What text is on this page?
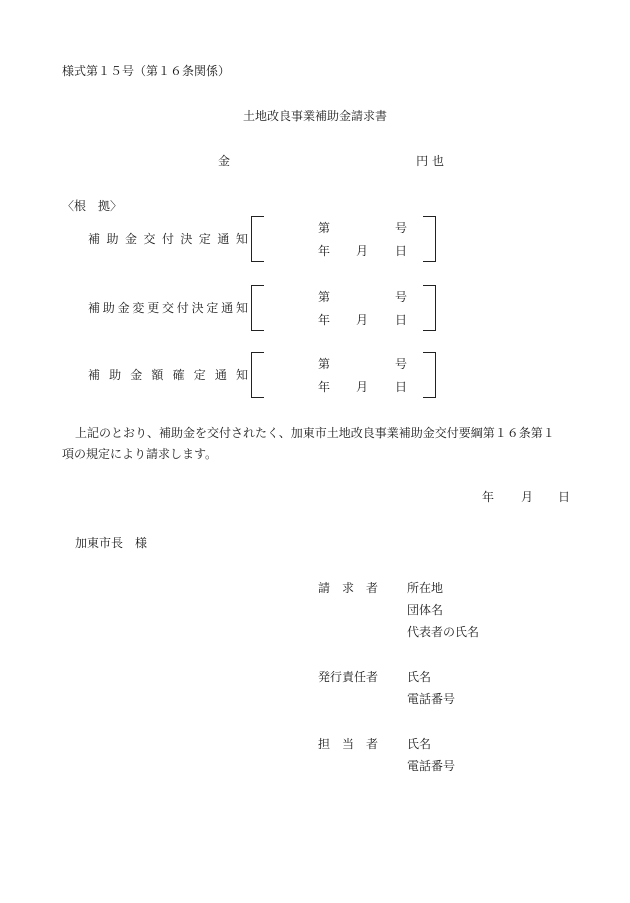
様式第１５号（第１６条関係）
土地改良事業補助金請求書
金	円 也
〈根　拠〉
補 助 金 交 付 決 定 通 知
第	号
年 月 日
補 助 金 変 更 交 付 決 定 通 知
第	号
年 月 日
補 助 金 額 確 定 通 知
第	号
年 月 日
上記のとおり、補助金を交付されたく、加東市土地改良事業補助金交付要綱第１６条第１
項の規定により請求します。
年 月 日
加東市長　様
請　求　者 所在地
団体名
代表者の氏名
発行責任者 氏名
電話番号
担　当　者 氏名
電話番号
